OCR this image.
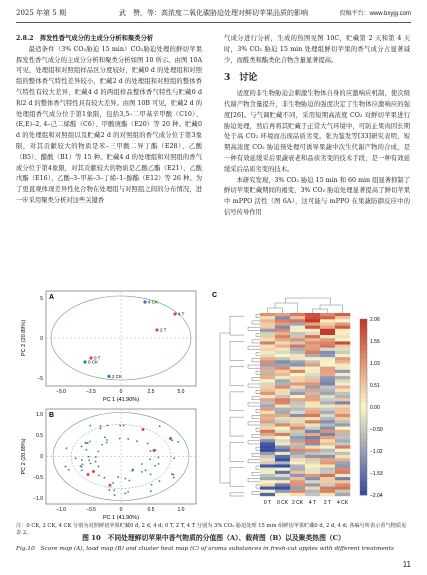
2025 年第 5 期	武　赞，等：高浓度二氧化碳胁迫处理对鲜切苹果品质的影响	投稿平台：www.bxyjg.com
2.8.2　挥发性香气成分的主成分分析和聚类分析

最适条件（3% CO₂胁迫 15 min）CO₂胁迫处理的鲜切苹果挥发性香气成分的主成分分析和聚类分析如图 10 所示。由图 10A 可见，处理组和对照组样品区分度较好，贮藏0 d 的处理组和对照组的整体香气特性差异较小，贮藏2 d 的处理组和对照组的整体香气特性有较大差异，贮藏4 d 的两组样品整体香气特性与贮藏0 d 和2 d 的整体香气特性具有较大差异。由图 10B 可见，贮藏2 d 的处理组香气成分位于第1象限，包括3,5–二甲基辛甲酸（C10）、(E,E)–2, 4–己二烯醛（C6）、甲酸庚酯（E20）等 20 种。贮藏0 d 的处理组和对照组以及贮藏2 d 的对照组的香气成分位于第3象限，对其贡献较大的物质是苯–三甲酸二异丁酯（E28）、乙酸（B5）、醋酸（B1）等 15 种。贮藏4 d 的处理组和对照组的香气成分位于第4象限，对其贡献较大的物质是乙酸乙酯（E21）、乙酸戊酯（E16）、乙酸–3–甲基–3–丁烯–1–醇酯（E12）等 26 种。为了更直观体现差异性化合物在处理组与对照组之间的分布情况，进一步采用聚类分析对这些关键香

气成分进行分析，生成的热图见图 10C，贮藏第 2 天和第 4 天时，3% CO₂ 胁迫 15 min 处理组鲜切苹果的香气成分占显著减少，而醛类和酯类化合物含量显著提高。

3　讨论

适度的非生物胁迫会刺激生物体自身的应激响应机制，使次级代谢产物含量提升，非生物胁迫的强度决定了生物体应激响应的强度[26]。与气调贮藏不同，采用短期高浓度 CO₂ 对鲜切苹果进行胁迫处理，然后再将其贮藏于正常大气环境中，可防止果肉因长期处于高 CO₂ 环境而出现品质劣变。张为鉴发等[33]研究表明，短期高浓度 CO₂ 胁迫预处理可诱导果蔬中次生代谢产物的合成，是一种有效延缓采后果蔬衰老和品质劣变的技术手段，是一种有效延缓采后品质劣变的技术。

本研究发现，3% CO₂ 胁迫 15 min 和 60 min 组显著抑制了鲜切苹果贮藏期间的褐变，3% CO₂ 胁迫处理显著提高了鲜切苹果中 mPPO 活性（图 6A），这可能与 mPPO 在果蔬防御反应中的信号传导作用

A
0 CK
0 T
2 CK
2 T
4 CK
4 T
−5.0	−2.5	0	2.5	5.0
−5
0
5
PC 1 (41.90%)
PC 2 (20.89%)
B
−1.0	−0.5	0	0.5	1.0
−1.0
−0.5
0
0.5
1.0
PC 1 (41.90%)
PC 2 (20.89%)
C
0 T 0 CK 2 CK 4 T 2 T 4 CK
2.06
1.55
1.03
0.51
0.00
−0.50
−1.02
−1.53
−2.04
注：0 CK, 2 CK, 4 CK 分别为对照鲜切苹果贮藏0 d, 2 d, 4 d; 0 T, 2 T, 4 T 分别为 3% CO₂ 胁迫处理 15 min 组鲜切苹果贮藏0 d, 2 d, 4 d; 各编号所表示香气物质见表 2。
图 10　不同处理鲜切苹果中香气物质的分值图（A）、载荷图（B）以及聚类热图（C）
Fig.10　Score map (A), load map (B) and cluster heat map (C) of aroma substances in fresh-cut apples with different treatments
11
